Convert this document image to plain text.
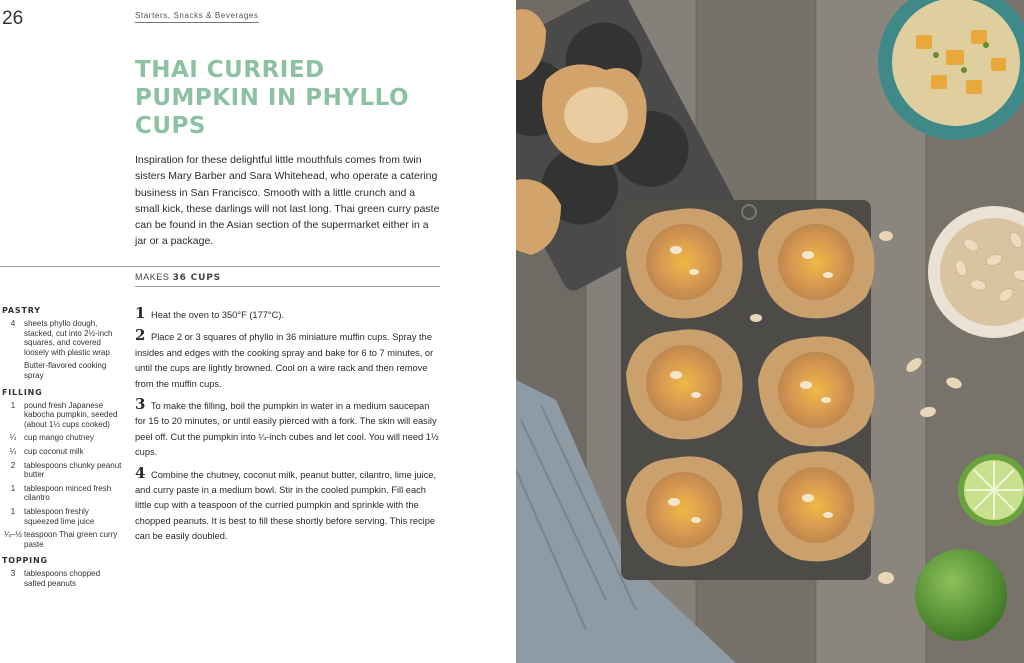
26	Starters, Snacks & Beverages
THAI CURRIED PUMPKIN IN PHYLLO CUPS

Inspiration for these delightful little mouthfuls comes from twin sisters Mary Barber and Sara Whitehead, who operate a catering business in San Francisco. Smooth with a little crunch and a small kick, these darlings will not last long. Thai green curry paste can be found in the Asian section of the supermarket either in a jar or a package.

MAKES 36 CUPS
PASTRY
4	sheets phyllo dough, stacked, cut into 2½-inch squares, and covered loosely with plastic wrap
Butter-flavored cooking spray
FILLING
1	pound fresh Japanese kabocha pumpkin, seeded (about 1½ cups cooked)
¼ cup mango chutney
¼ cup coconut milk
2	tablespoons chunky peanut butter
1	tablespoon minced fresh cilantro
1	tablespoon freshly squeezed lime juice
¼–½ teaspoon Thai green curry paste
TOPPING
3	tablespoons chopped salted peanuts

1 Heat the oven to 350°F (177°C).

2 Place 2 or 3 squares of phyllo in 36 miniature muffin cups. Spray the insides and edges with the cooking spray and bake for 6 to 7 minutes, or until the cups are lightly browned. Cool on a wire rack and then remove from the muffin cups.

3 To make the filling, boil the pumpkin in water in a medium saucepan for 15 to 20 minutes, or until easily pierced with a fork. The skin will easily peel off. Cut the pumpkin into ¼-inch cubes and let cool. You will need 1½ cups.

4 Combine the chutney, coconut milk, peanut butter, cilantro, lime juice, and curry paste in a medium bowl. Stir in the cooled pumpkin. Fill each little cup with a teaspoon of the curried pumpkin and sprinkle with the chopped peanuts. It is best to fill these shortly before serving. This recipe can be easily doubled.
